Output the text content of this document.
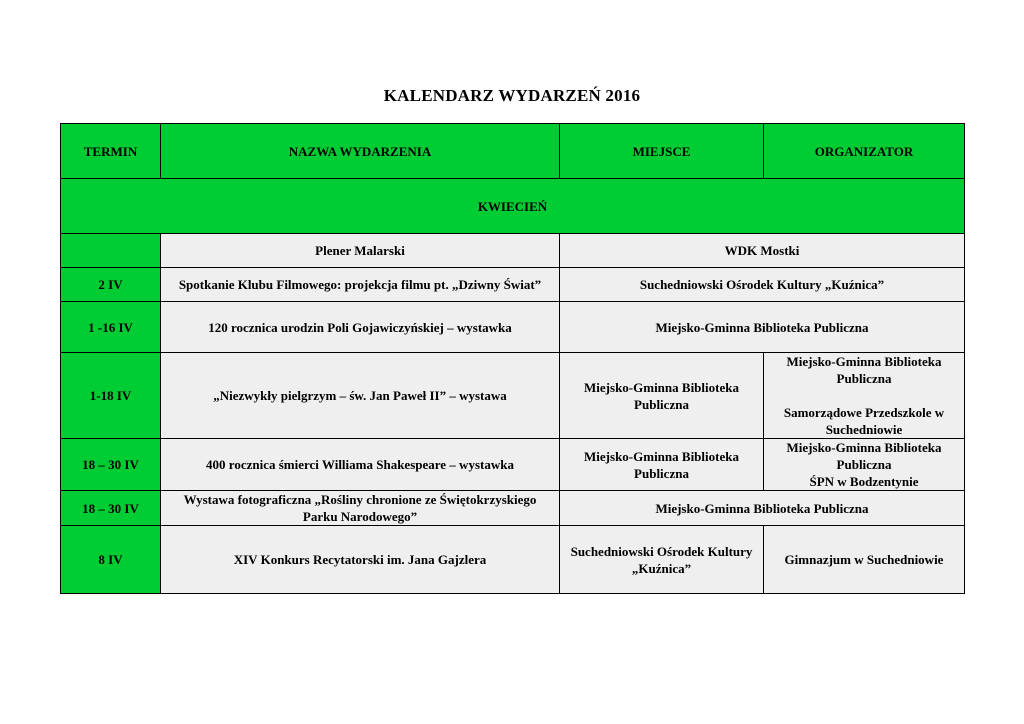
KALENDARZ WYDARZEŃ 2016
TERMIN	NAZWA WYDARZENIA	MIEJSCE	ORGANIZATOR
KWIECIEŃ			
	Plener Malarski	WDK Mostki	
2 IV	Spotkanie Klubu Filmowego: projekcja filmu pt. „Dziwny Świat”	Suchedniowski Ośrodek Kultury „Kuźnica”	
1 -16 IV	120 rocznica urodzin Poli Gojawiczyńskiej – wystawka	Miejsko-Gminna Biblioteka Publiczna	
1-18 IV	„Niezwykły pielgrzym – św. Jan Paweł II” – wystawa	Miejsko-Gminna Biblioteka Publiczna	Miejsko-Gminna Biblioteka Publiczna
Samorządowe Przedszkole w Suchedniowie

18 – 30 IV	400 rocznica śmierci Williama Shakespeare – wystawka	Miejsko-Gminna Biblioteka Publiczna	Miejsko-Gminna Biblioteka Publiczna
ŚPN w Bodzentynie

18 – 30 IV	Wystawa fotograficzna „Rośliny chronione ze Świętokrzyskiego Parku Narodowego”	Miejsko-Gminna Biblioteka Publiczna	
8 IV	XIV Konkurs Recytatorski im. Jana Gajzlera	Suchedniowski Ośrodek Kultury „Kuźnica”	Gimnazjum w Suchedniowie
